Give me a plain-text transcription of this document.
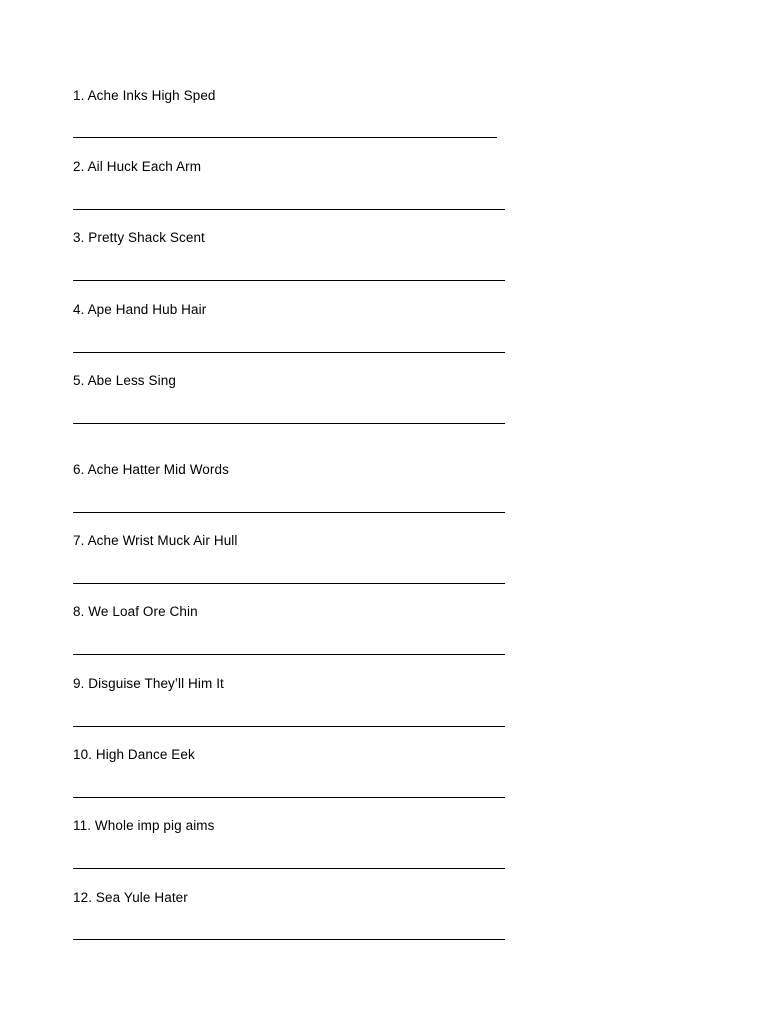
1. Ache Inks High Sped
2. Ail Huck Each Arm
3. Pretty Shack Scent
4. Ape Hand Hub Hair
5. Abe Less Sing
6. Ache Hatter Mid Words
7. Ache Wrist Muck Air Hull
8. We Loaf Ore Chin
9. Disguise They’ll Him It
10. High Dance Eek
11. Whole imp pig aims
12. Sea Yule Hater
